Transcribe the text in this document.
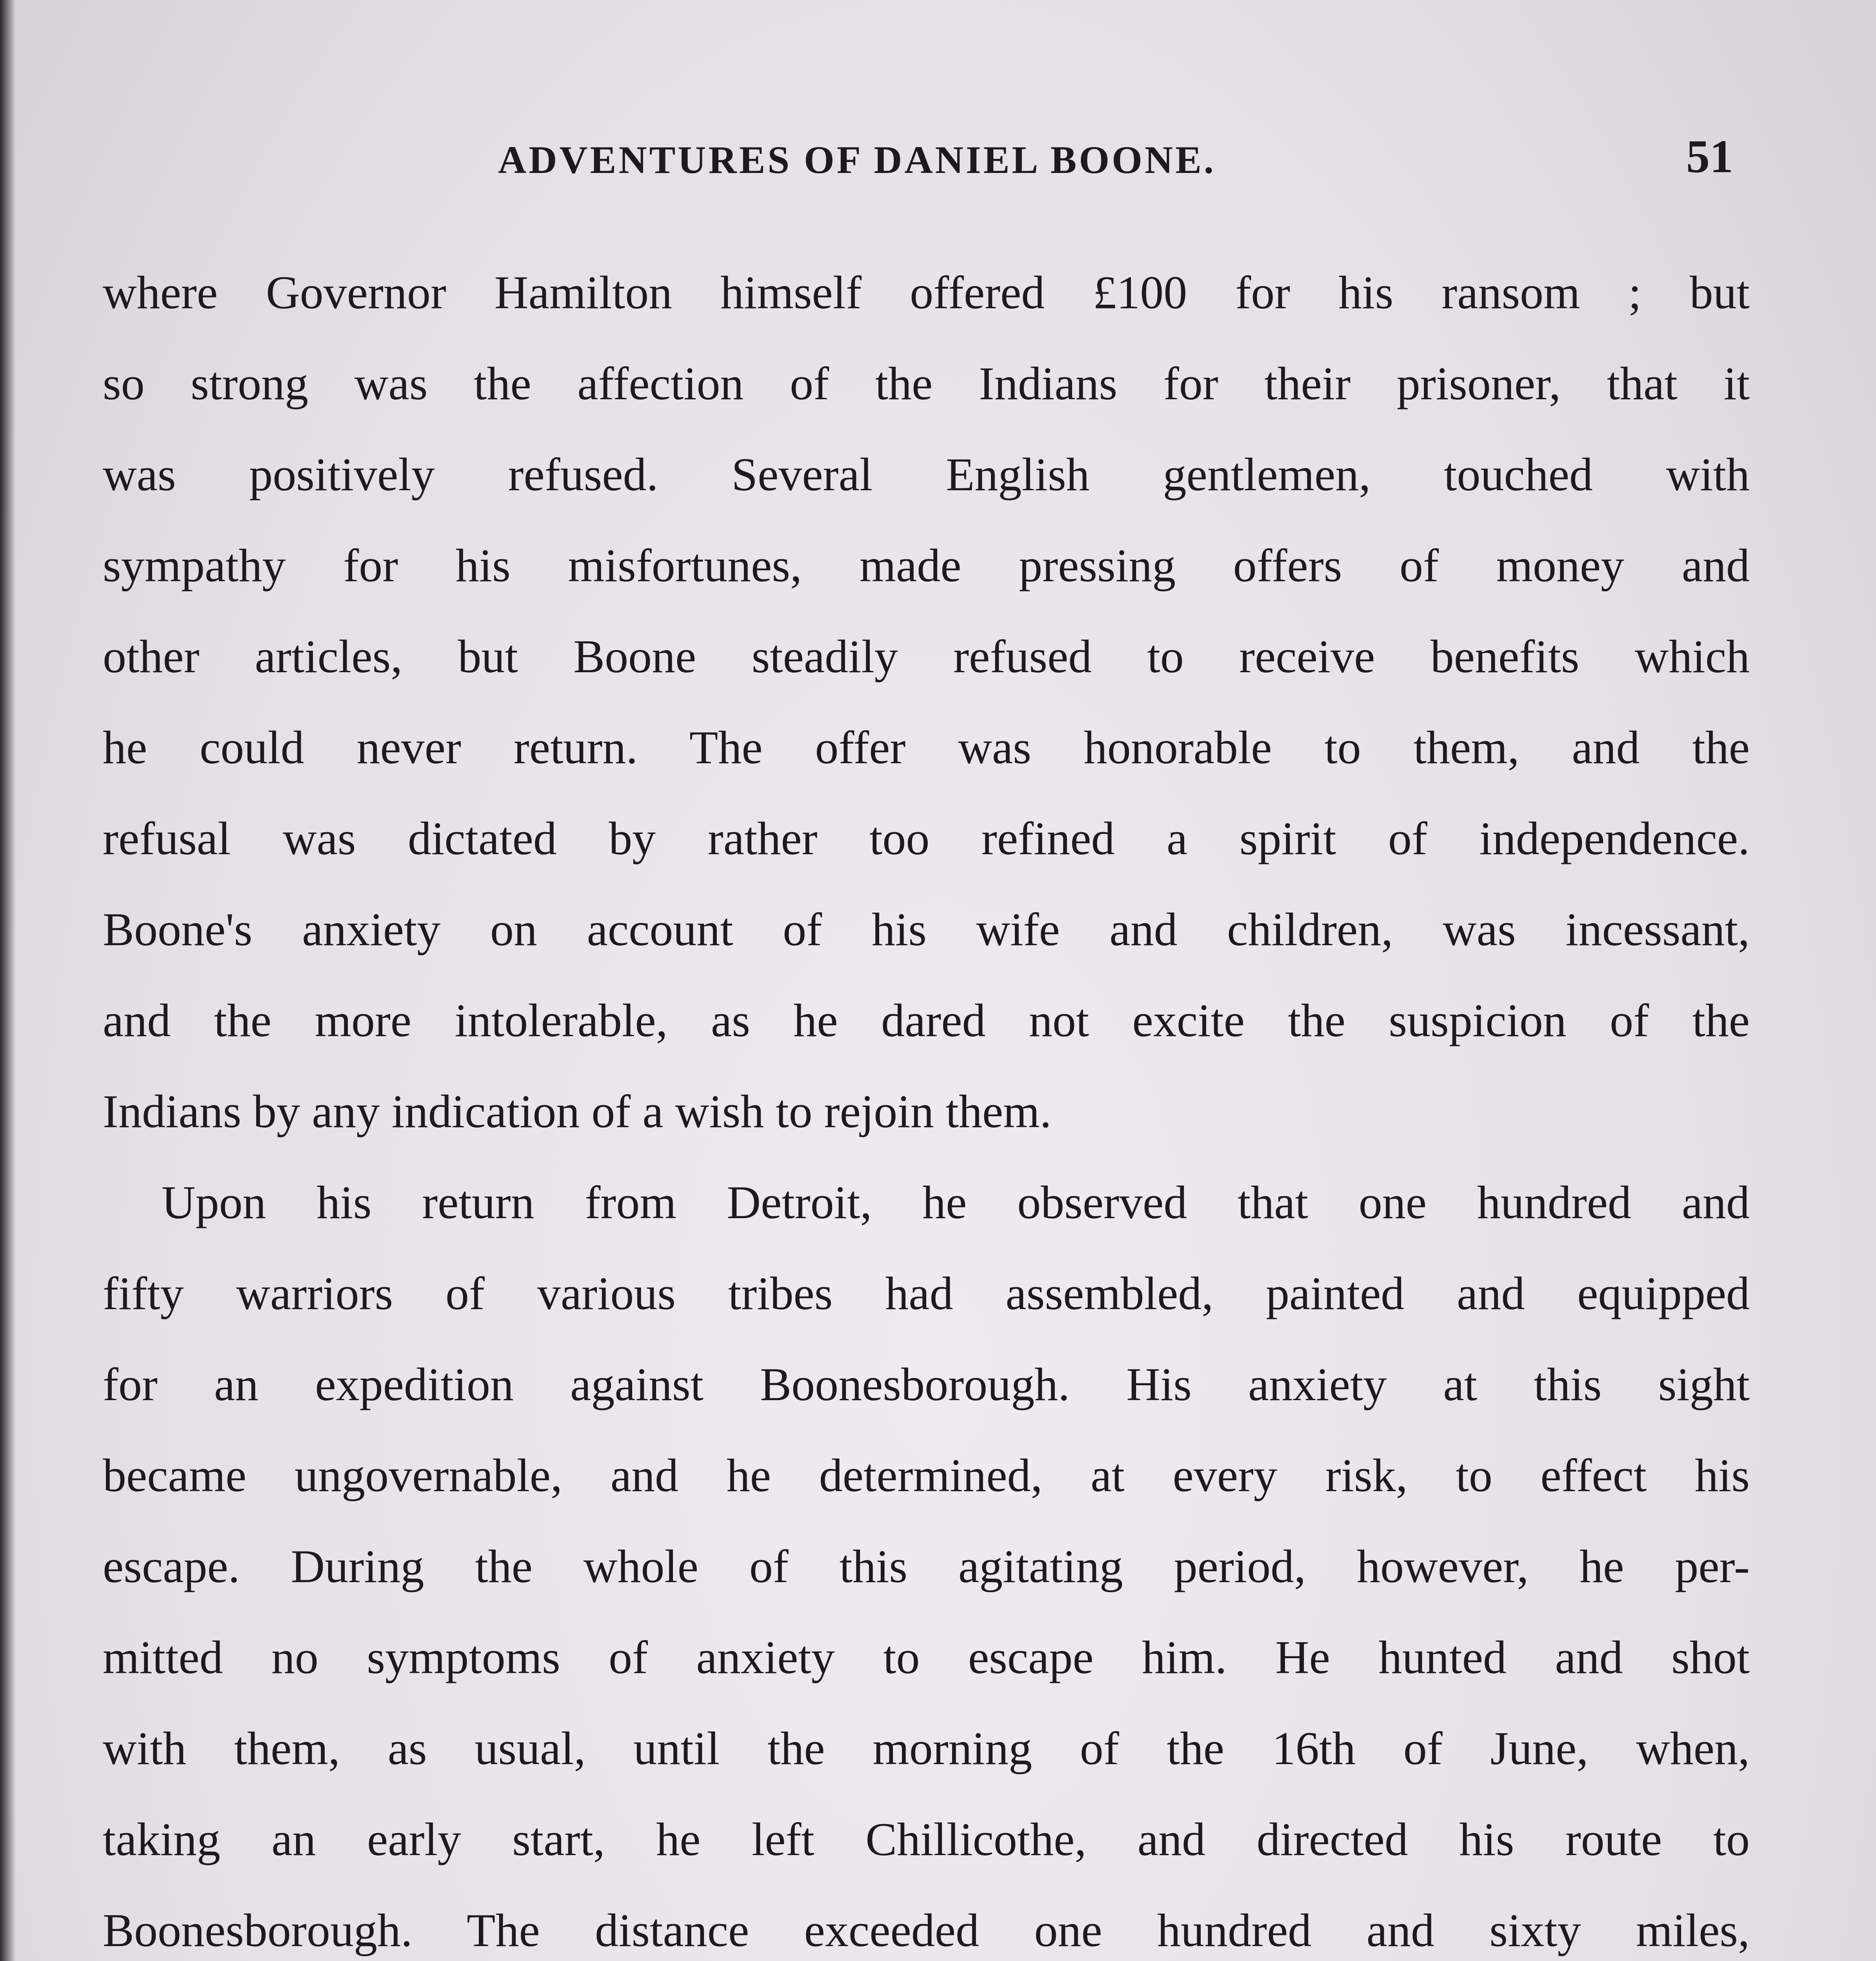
ADVENTURES OF DANIEL BOONE.	51
where Governor Hamilton himself offered £100 for his ransom ; but
so strong was the affection of the Indians for their prisoner, that it
was positively refused. Several English gentlemen, touched with
sympathy for his misfortunes, made pressing offers of money and
other articles, but Boone steadily refused to receive benefits which
he could never return. The offer was honorable to them, and the
refusal was dictated by rather too refined a spirit of independence.
Boone's anxiety on account of his wife and children, was incessant,
and the more intolerable, as he dared not excite the suspicion of the
Indians by any indication of a wish to rejoin them.
Upon his return from Detroit, he observed that one hundred and
fifty warriors of various tribes had assembled, painted and equipped
for an expedition against Boonesborough. His anxiety at this sight
became ungovernable, and he determined, at every risk, to effect his
escape. During the whole of this agitating period, however, he per-
mitted no symptoms of anxiety to escape him. He hunted and shot
with them, as usual, until the morning of the 16th of June, when,
taking an early start, he left Chillicothe, and directed his route to
Boonesborough. The distance exceeded one hundred and sixty miles,
